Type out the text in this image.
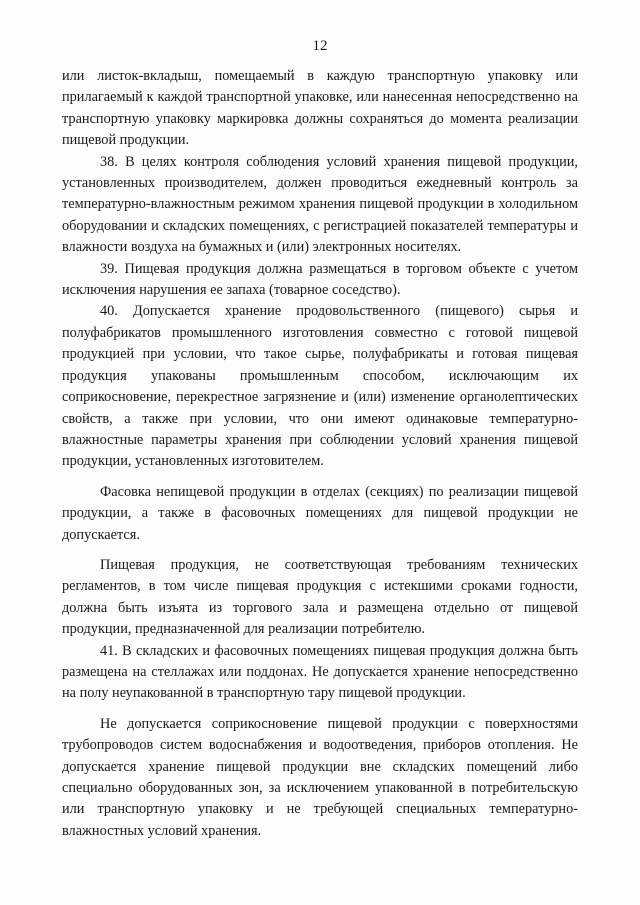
12

или листок-вкладыш, помещаемый в каждую транспортную упаковку или прилагаемый к каждой транспортной упаковке, или нанесенная непосредственно на транспортную упаковку маркировка должны сохраняться до момента реализации пищевой продукции.

38. В целях контроля соблюдения условий хранения пищевой продукции, установленных производителем, должен проводиться ежедневный контроль за температурно-влажностным режимом хранения пищевой продукции в холодильном оборудовании и складских помещениях, с регистрацией показателей температуры и влажности воздуха на бумажных и (или) электронных носителях.

39. Пищевая продукция должна размещаться в торговом объекте с учетом исключения нарушения ее запаха (товарное соседство).

40. Допускается хранение продовольственного (пищевого) сырья и полуфабрикатов промышленного изготовления совместно с готовой пищевой продукцией при условии, что такое сырье, полуфабрикаты и готовая пищевая продукция упакованы промышленным способом, исключающим их соприкосновение, перекрестное загрязнение и (или) изменение органолептических свойств, а также при условии, что они имеют одинаковые температурно-влажностные параметры хранения при соблюдении условий хранения пищевой продукции, установленных изготовителем.

Фасовка непищевой продукции в отделах (секциях) по реализации пищевой продукции, а также в фасовочных помещениях для пищевой продукции не допускается.

Пищевая продукция, не соответствующая требованиям технических регламентов, в том числе пищевая продукция с истекшими сроками годности, должна быть изъята из торгового зала и размещена отдельно от пищевой продукции, предназначенной для реализации потребителю.

41. В складских и фасовочных помещениях пищевая продукция должна быть размещена на стеллажах или поддонах. Не допускается хранение непосредственно на полу неупакованной в транспортную тару пищевой продукции.

Не допускается соприкосновение пищевой продукции с поверхностями трубопроводов систем водоснабжения и водоотведения, приборов отопления. Не допускается хранение пищевой продукции вне складских помещений либо специально оборудованных зон, за исключением упакованной в потребительскую или транспортную упаковку и не требующей специальных температурно-влажностных условий хранения.
